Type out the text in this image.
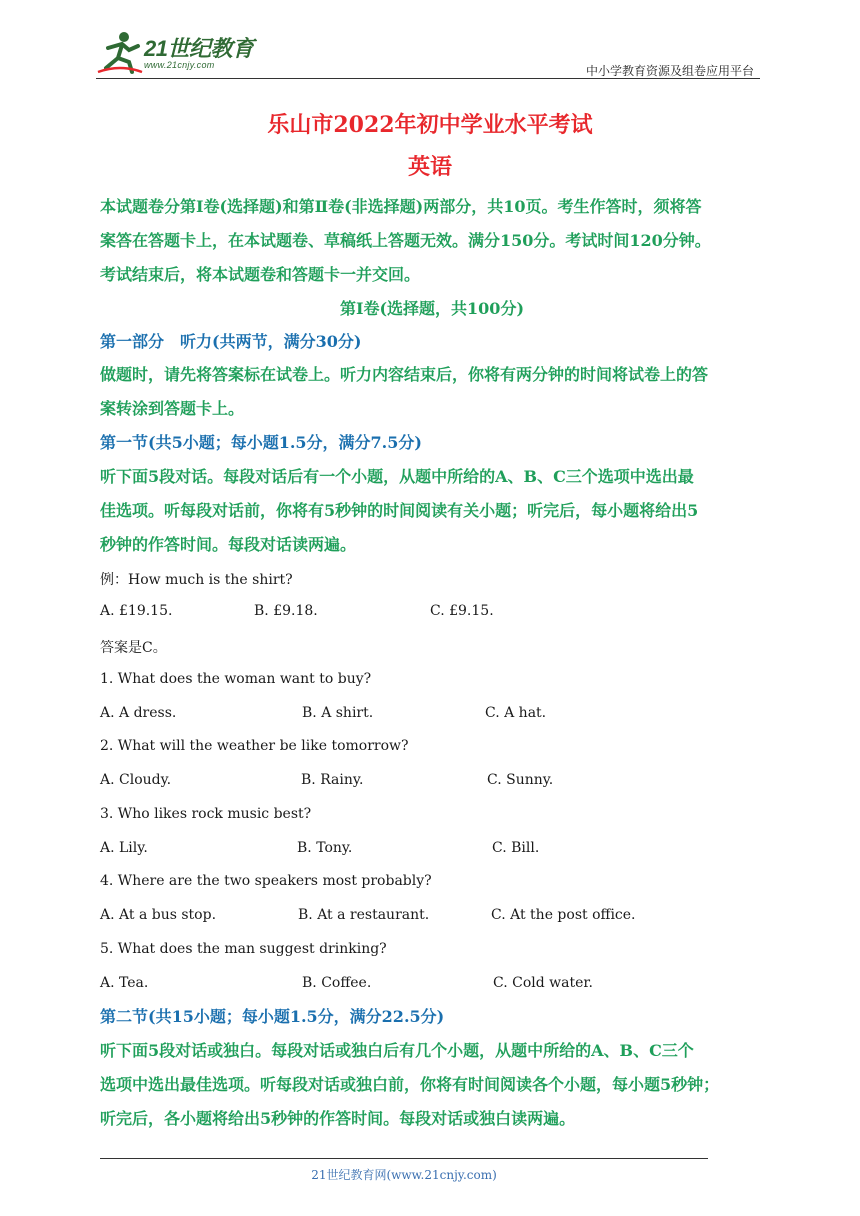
21世纪教育
www.21cnjy.com	中小学教育资源及组卷应用平台
乐山市2022年初中学业水平考试
英语

本试题卷分第Ⅰ卷(选择题)和第Ⅱ卷(非选择题)两部分，共10页。考生作答时，须将答

案答在答题卡上，在本试题卷、草稿纸上答题无效。满分150分。考试时间120分钟。

考试结束后，将本试题卷和答题卡一并交回。

第Ⅰ卷(选择题，共100分)

第一部分　听力(共两节，满分30分)

做题时，请先将答案标在试卷上。听力内容结束后，你将有两分钟的时间将试卷上的答

案转涂到答题卡上。

第一节(共5小题；每小题1.5分，满分7.5分)

听下面5段对话。每段对话后有一个小题，从题中所给的A、B、C三个选项中选出最

佳选项。听每段对话前，你将有5秒钟的时间阅读有关小题；听完后，每小题将给出5

秒钟的作答时间。每段对话读两遍。

例：How much is the shirt?
A. £19.15.	B. £9.18.	C. £9.15.
答案是C。
1. What does the woman want to buy?
A. A dress.	B. A shirt.	C. A hat.
2. What will the weather be like tomorrow?
A. Cloudy.	B. Rainy.	C. Sunny.
3. Who likes rock music best?
A. Lily.	B. Tony.	C. Bill.
4. Where are the two speakers most probably?
A. At a bus stop.	B. At a restaurant.	C. At the post office.
5. What does the man suggest drinking?
A. Tea.	B. Coffee.	C. Cold water.

第二节(共15小题；每小题1.5分，满分22.5分)

听下面5段对话或独白。每段对话或独白后有几个小题，从题中所给的A、B、C三个

选项中选出最佳选项。听每段对话或独白前，你将有时间阅读各个小题，每小题5秒钟；

听完后，各小题将给出5秒钟的作答时间。每段对话或独白读两遍。

21世纪教育网(www.21cnjy.com)
